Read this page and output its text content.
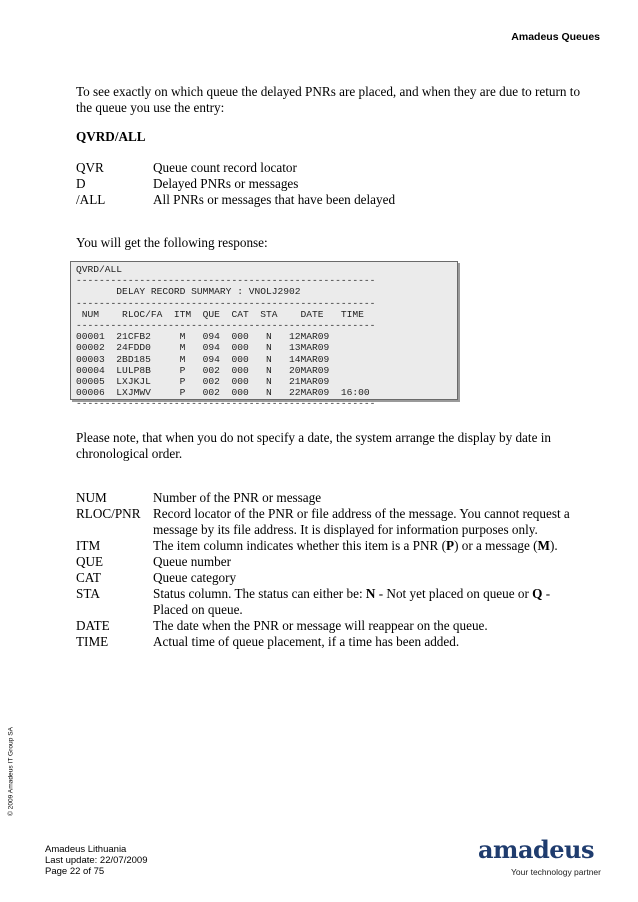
Amadeus Queues
To see exactly on which queue the delayed PNRs are placed, and when they are due to return to the queue you use the entry:
QVRD/ALL
QVR	Queue count record locator
D	Delayed PNRs or messages
/ALL	All PNRs or messages that have been delayed
You will get the following response:
QVRD/ALL
----------------------------------------------------
DELAY RECORD SUMMARY : VNOLJ2902
----------------------------------------------------
NUM    RLOC/FA  ITM  QUE  CAT  STA    DATE   TIME
----------------------------------------------------
00001  21CFB2     M   094  000   N   12MAR09
00002  24FDD0     M   094  000   N   13MAR09
00003  2BD185     M   094  000   N   14MAR09
00004  LULP8B     P   002  000   N   20MAR09
00005  LXJKJL     P   002  000   N   21MAR09
00006  LXJMWV     P   002  000   N   22MAR09  16:00
----------------------------------------------------
Please note, that when you do not specify a date, the system arrange the display by date in chronological order.
NUM	Number of the PNR or message
RLOC/PNR Record locator of the PNR or file address of the message. You cannot request a message by its file address. It is displayed for information purposes only.
ITM	The item column indicates whether this item is a PNR (P) or a message (M).
QUE	Queue number
CAT	Queue category
STA	Status column. The status can either be: N - Not yet placed on queue or Q - Placed on queue.
DATE	The date when the PNR or message will reappear on the queue.
TIME	Actual time of queue placement, if a time has been added.
© 2009 Amadeus IT Group SA
Amadeus Lithuania
Last update: 22/07/2009
Page 22 of 75
amadeus
Your technology partner
